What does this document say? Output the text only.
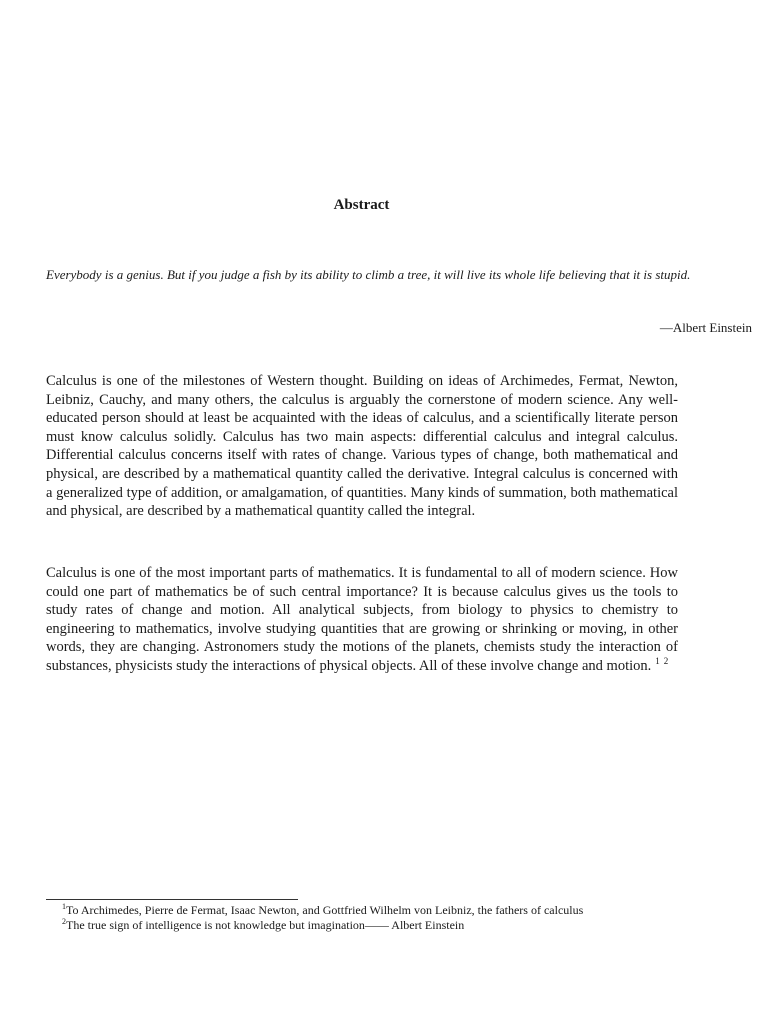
Abstract

Everybody is a genius. But if you judge a fish by its ability to climb a tree, it will live its whole life believing that it is stupid.

—Albert Einstein

Calculus is one of the milestones of Western thought. Building on ideas of Archimedes, Fermat, Newton, Leibniz, Cauchy, and many others, the calculus is arguably the cornerstone of modern science. Any well-educated person should at least be acquainted with the ideas of calculus, and a scientifically literate person must know calculus solidly. Calculus has two main aspects: differential calculus and integral calculus. Differential calculus concerns itself with rates of change. Various types of change, both mathematical and physical, are described by a mathematical quantity called the derivative. Integral calculus is concerned with a generalized type of addition, or amalgamation, of quantities. Many kinds of summation, both mathematical and physical, are described by a mathematical quantity called the integral.

Calculus is one of the most important parts of mathematics. It is fundamental to all of modern science. How could one part of mathematics be of such central importance? It is because calculus gives us the tools to study rates of change and motion. All analytical subjects, from biology to physics to chemistry to engineering to mathematics, involve studying quantities that are growing or shrinking or moving, in other words, they are changing. Astronomers study the motions of the planets, chemists study the interaction of substances, physicists study the interactions of physical objects. All of these involve change and motion. $^1$ $^2$

$^1$To Archimedes, Pierre de Fermat, Isaac Newton, and Gottfried Wilhelm von Leibniz, the fathers of calculus
$^2$The true sign of intelligence is not knowledge but imagination—— Albert Einstein
